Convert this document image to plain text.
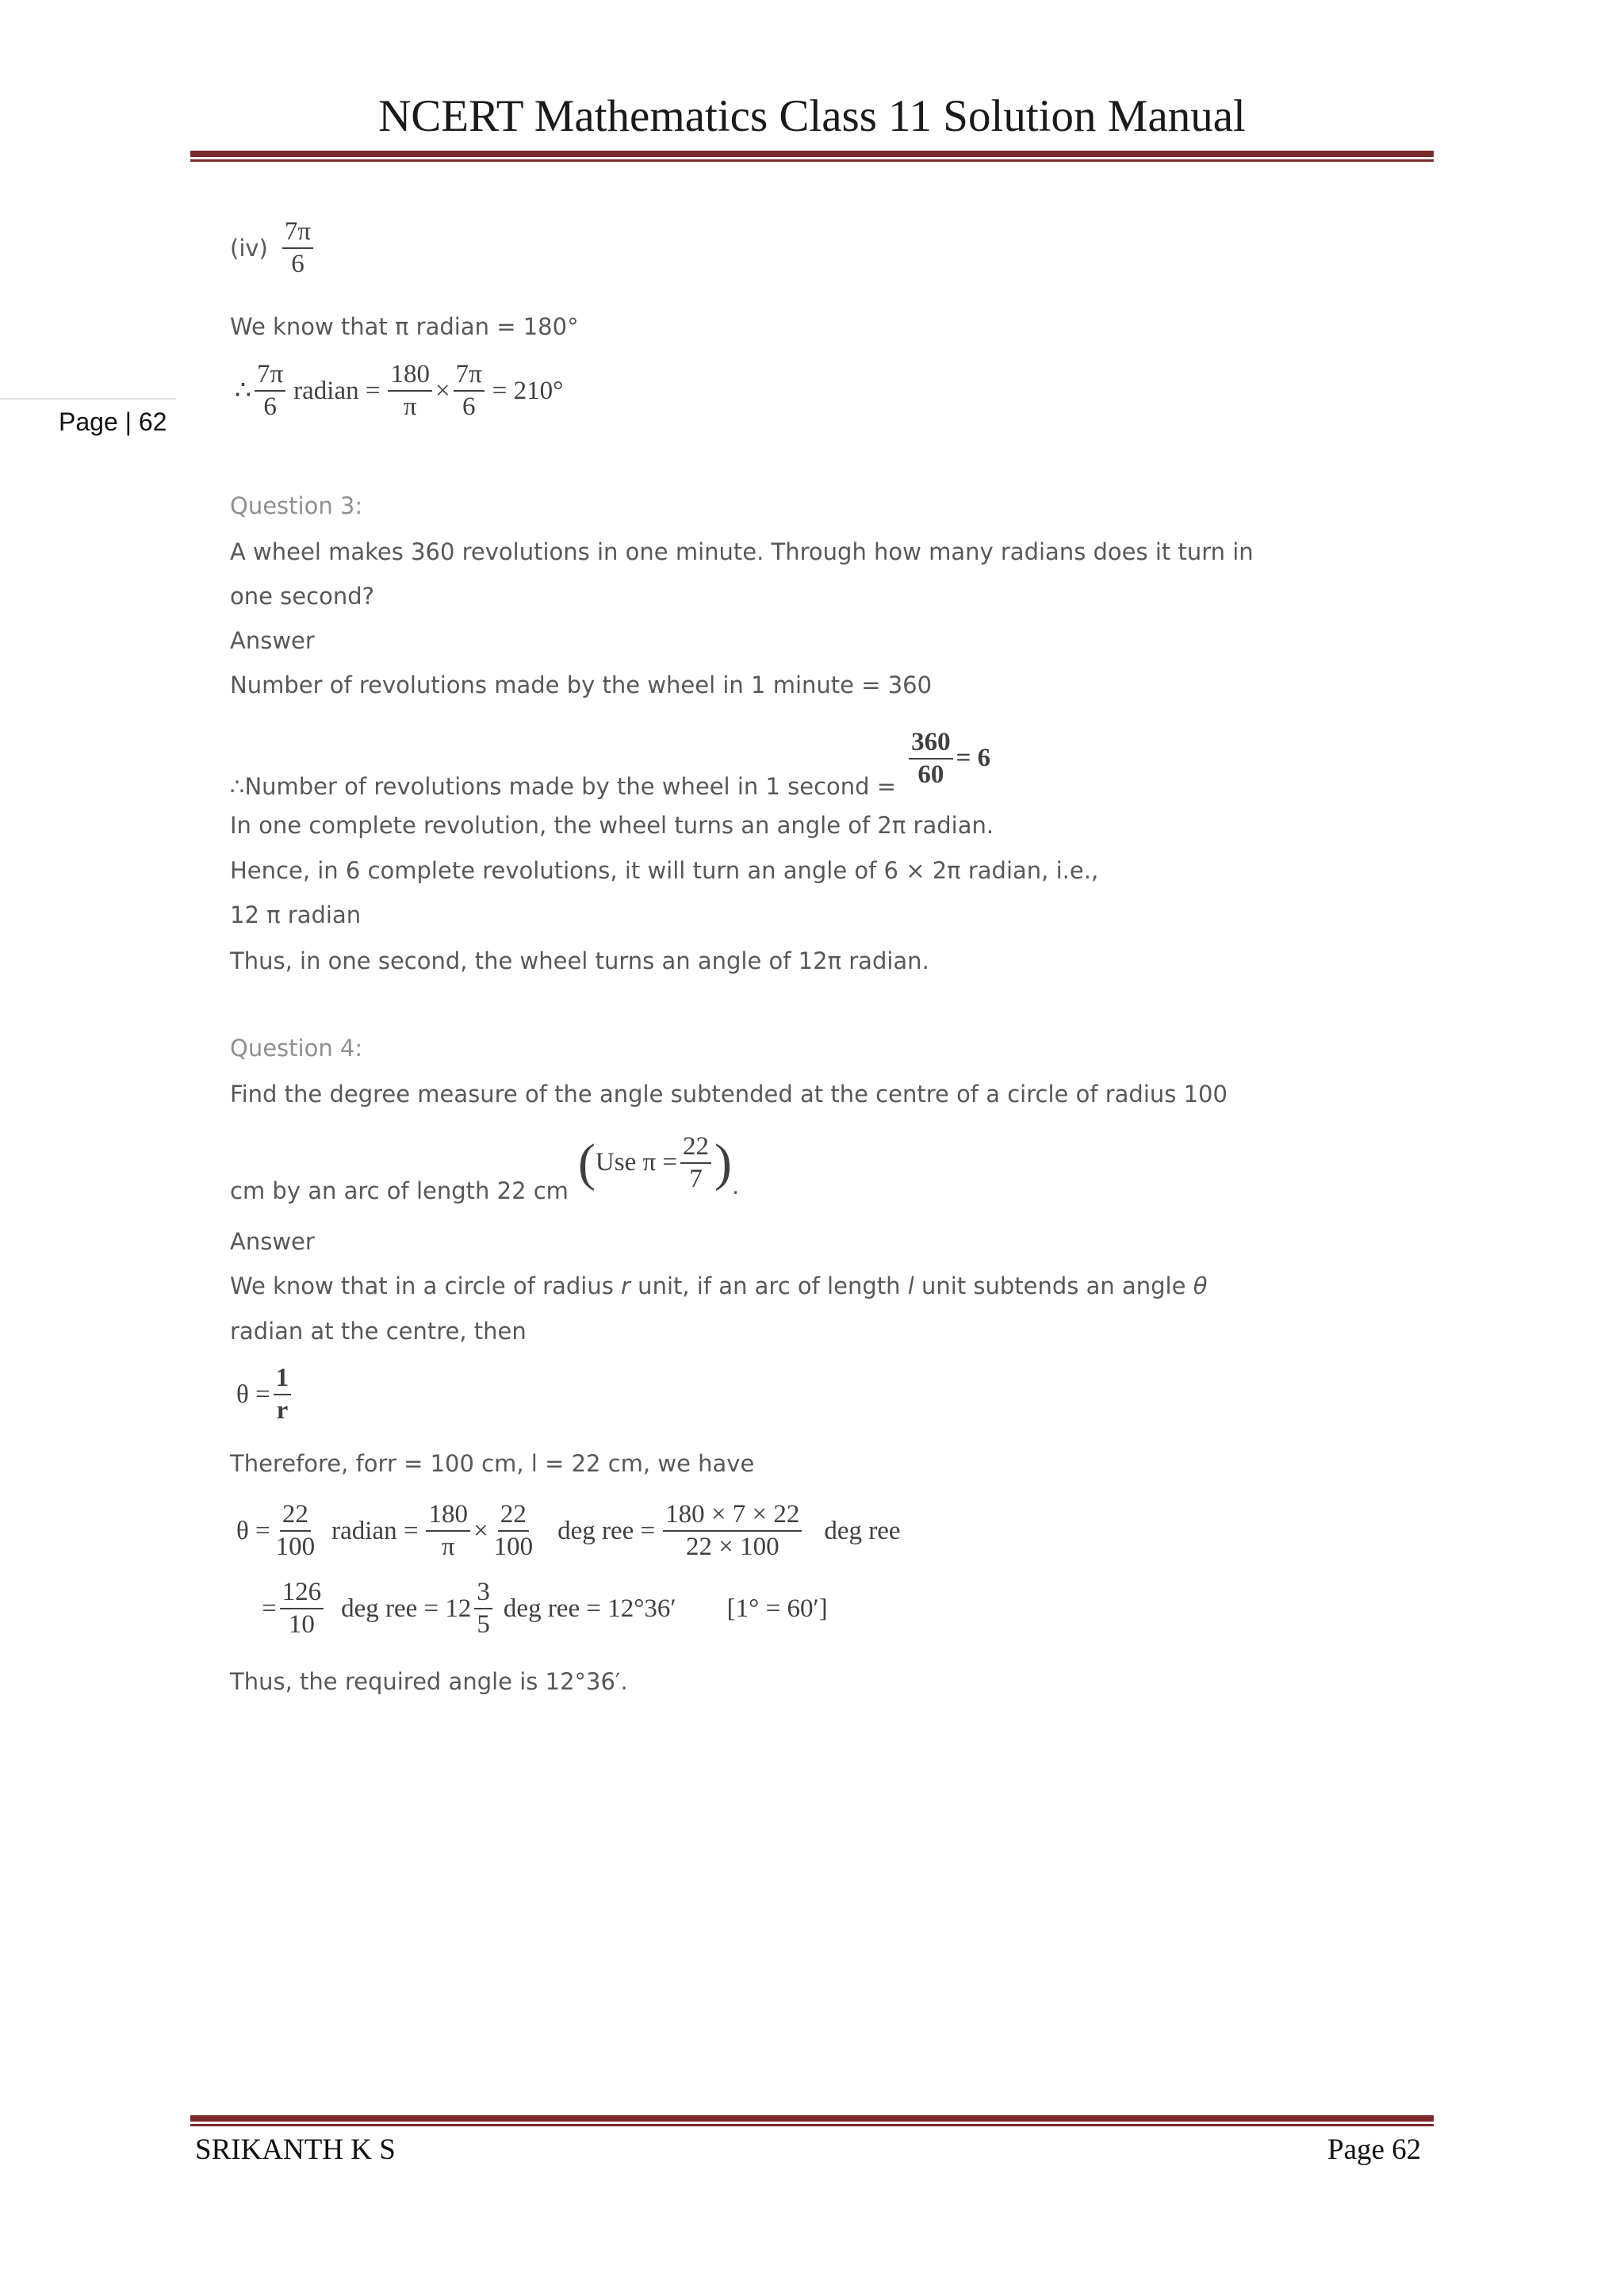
NCERT Mathematics Class 11 Solution Manual
Page | 62
$(iv) \frac{7\pi}{6}$
We know that π radian = 180°
∴ $\frac{7\pi}{6}$ radian = $\frac{180}{\pi} \times \frac{7\pi}{6} = 210^\circ$
Question 3:
A wheel makes 360 revolutions in one minute. Through how many radians does it turn in
one second?
Answer
Number of revolutions made by the wheel in 1 minute = 360
∴Number of revolutions made by the wheel in 1 second = $\frac{360}{60} = 6$
In one complete revolution, the wheel turns an angle of 2π radian.
Hence, in 6 complete revolutions, it will turn an angle of 6 × 2π radian, i.e.,
12 π radian
Thus, in one second, the wheel turns an angle of 12π radian.
Question 4:
Find the degree measure of the angle subtended at the centre of a circle of radius 100
cm by an arc of length 22 cm ( Use $\pi = \frac{22}{7}$ ) .
Answer
We know that in a circle of radius r unit, if an arc of length l unit subtends an angle θ
radian at the centre, then
$\theta = \frac{1}{r}$
Therefore, forr = 100 cm, l = 22 cm, we have
$\theta = \frac{22}{100}$ radian = $\frac{180}{\pi} \times \frac{22}{100}$ deg ree = $\frac{180 \times 7 \times 22}{22 \times 100}$ deg ree
= $\frac{126}{10}$ deg ree = $12 \frac{3}{5}$ deg ree = 12°36′ [1° = 60′]
Thus, the required angle is 12°36′.
SRIKANTH K S	Page 62
